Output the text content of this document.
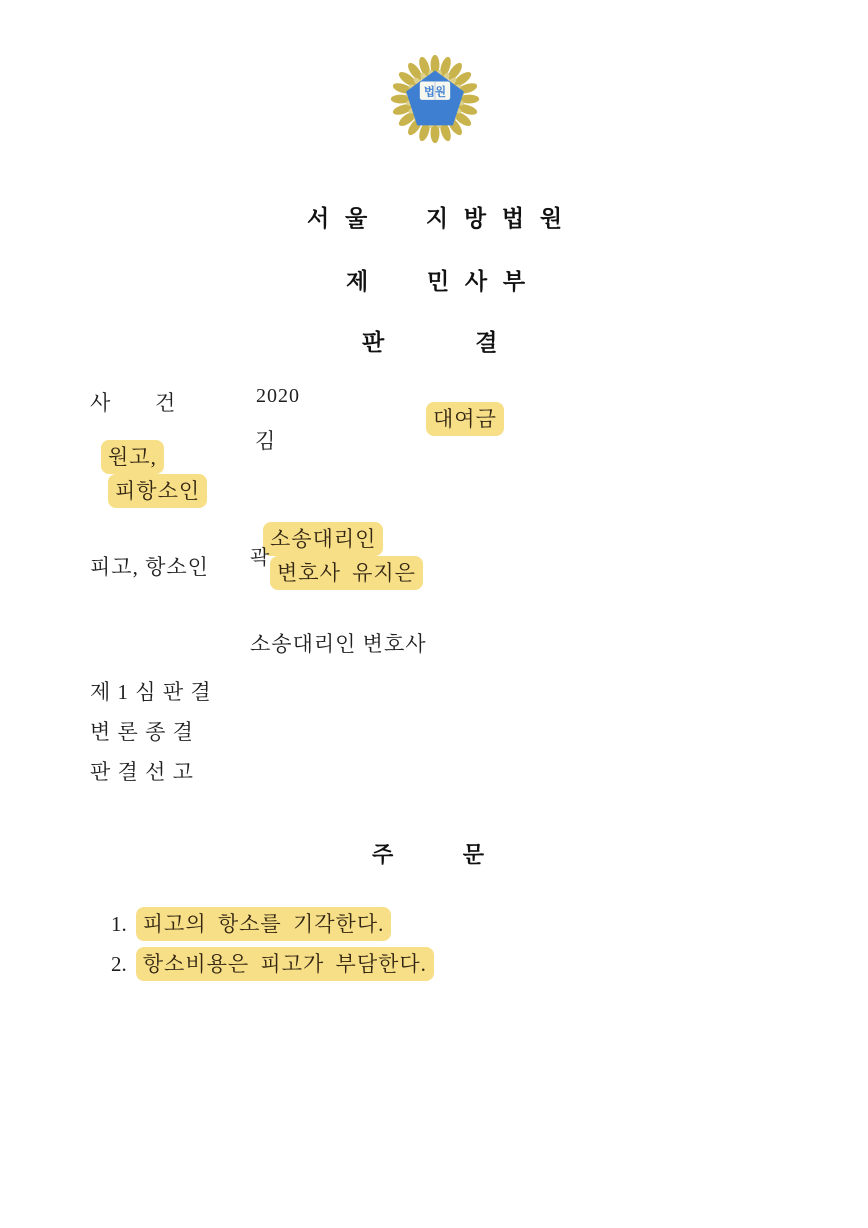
법원
서 울     지 방 법 원
제     민 사 부
판        결
사       건	2020

대여금

원고,
피항소인

김

소송대리인
변호사 유지은

곽
피고, 항소인
소송대리인 변호사
제 1 심 판 결
변 론 종 결
판 결 선 고
주         문

1. 피고의 항소를 기각한다.

2. 항소비용은 피고가 부담한다.
